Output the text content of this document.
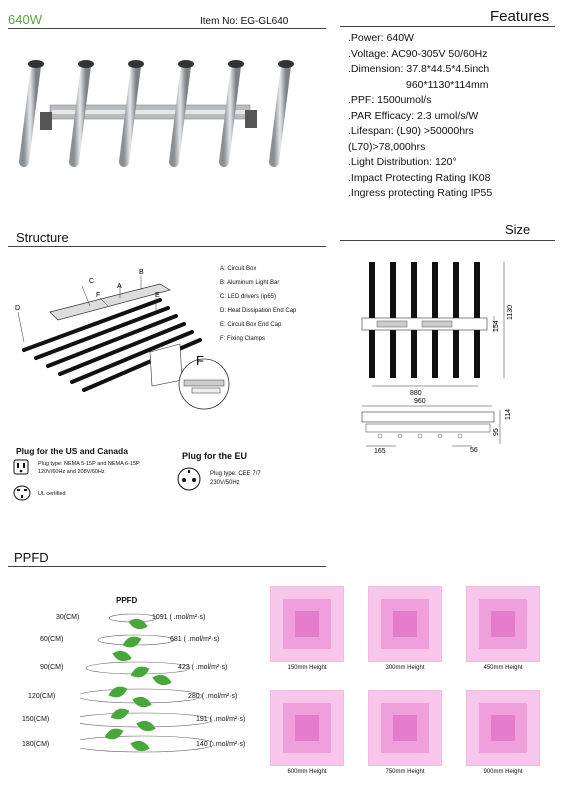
640W	Item No: EG-GL640	Features
.Power: 640W
.Voltage: AC90-305V 50/60Hz
.Dimension: 37.8*44.5*4.5inch
960*1130*114mm
.PPF: 1500umol/s
.PAR Efficacy: 2.3 umol/s/W
.Lifespan: (L90) >50000hrs
(L70)>78,000hrs
.Light Distribution: 120°
.Impact Protecting Rating IK08
.Ingress protecting Rating IP55
Structure
Size
C
A
B
F	E
D
F
A: Circuit Box
B: Aluminum Light Bar
C: LED drivers (ip65)
D: Heat Dissipation End Cap
E: Circuit Box End Cap
F: Fixing Clamps
880
1130
154
960
114
95
165	56
Plug for the US and Canada
Plug type: NEMA 5-15P and NEMA 6-15P
120V/60Hz and 208V/60Hz
UL certified
Plug for the EU
Plug type: CEE 7/7
230V/50Hz
PPFD
PPFD
30(CM)	1091 ( .mol/m²·s)
60(CM)	681 ( .mol/m²·s)
90(CM)	423 ( .mol/m²·s)
120(CM)	280 ( .mol/m²·s)
150(CM)	191 ( .mol/m²·s)
180(CM)	140 ( .mol/m²·s)
150mm Height	300mm Height	450mm Height
600mm Height	750mm Height	900mm Height
